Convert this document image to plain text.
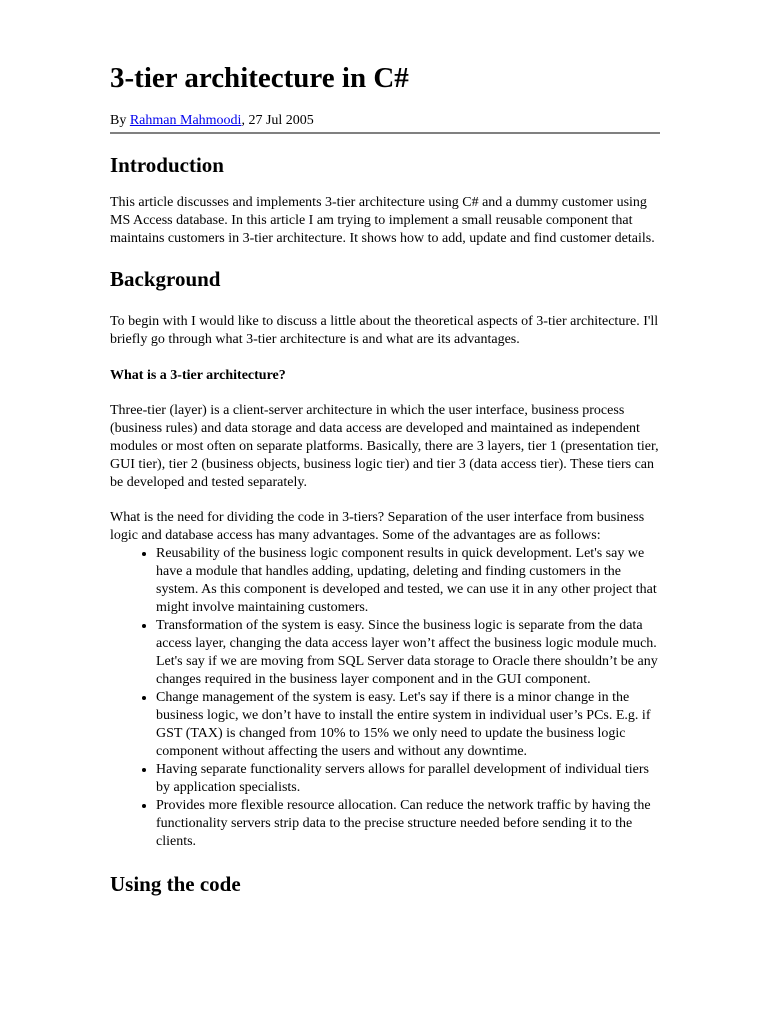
3-tier architecture in C#
By Rahman Mahmoodi, 27 Jul 2005
Introduction

This article discusses and implements 3-tier architecture using C# and a dummy customer using MS Access database. In this article I am trying to implement a small reusable component that maintains customers in 3-tier architecture. It shows how to add, update and find customer details.

Background

To begin with I would like to discuss a little about the theoretical aspects of 3-tier architecture. I'll briefly go through what 3-tier architecture is and what are its advantages.

What is a 3-tier architecture?

Three-tier (layer) is a client-server architecture in which the user interface, business process (business rules) and data storage and data access are developed and maintained as independent modules or most often on separate platforms. Basically, there are 3 layers, tier 1 (presentation tier, GUI tier), tier 2 (business objects, business logic tier) and tier 3 (data access tier). These tiers can be developed and tested separately.

What is the need for dividing the code in 3-tiers? Separation of the user interface from business logic and database access has many advantages. Some of the advantages are as follows:

• Reusability of the business logic component results in quick development. Let's say we have a module that handles adding, updating, deleting and finding customers in the system. As this component is developed and tested, we can use it in any other project that might involve maintaining customers.
• Transformation of the system is easy. Since the business logic is separate from the data access layer, changing the data access layer won’t affect the business logic module much. Let's say if we are moving from SQL Server data storage to Oracle there shouldn’t be any changes required in the business layer component and in the GUI component.
• Change management of the system is easy. Let's say if there is a minor change in the business logic, we don’t have to install the entire system in individual user’s PCs. E.g. if GST (TAX) is changed from 10% to 15% we only need to update the business logic component without affecting the users and without any downtime.
• Having separate functionality servers allows for parallel development of individual tiers by application specialists.
• Provides more flexible resource allocation. Can reduce the network traffic by having the functionality servers strip data to the precise structure needed before sending it to the clients.
Using the code
